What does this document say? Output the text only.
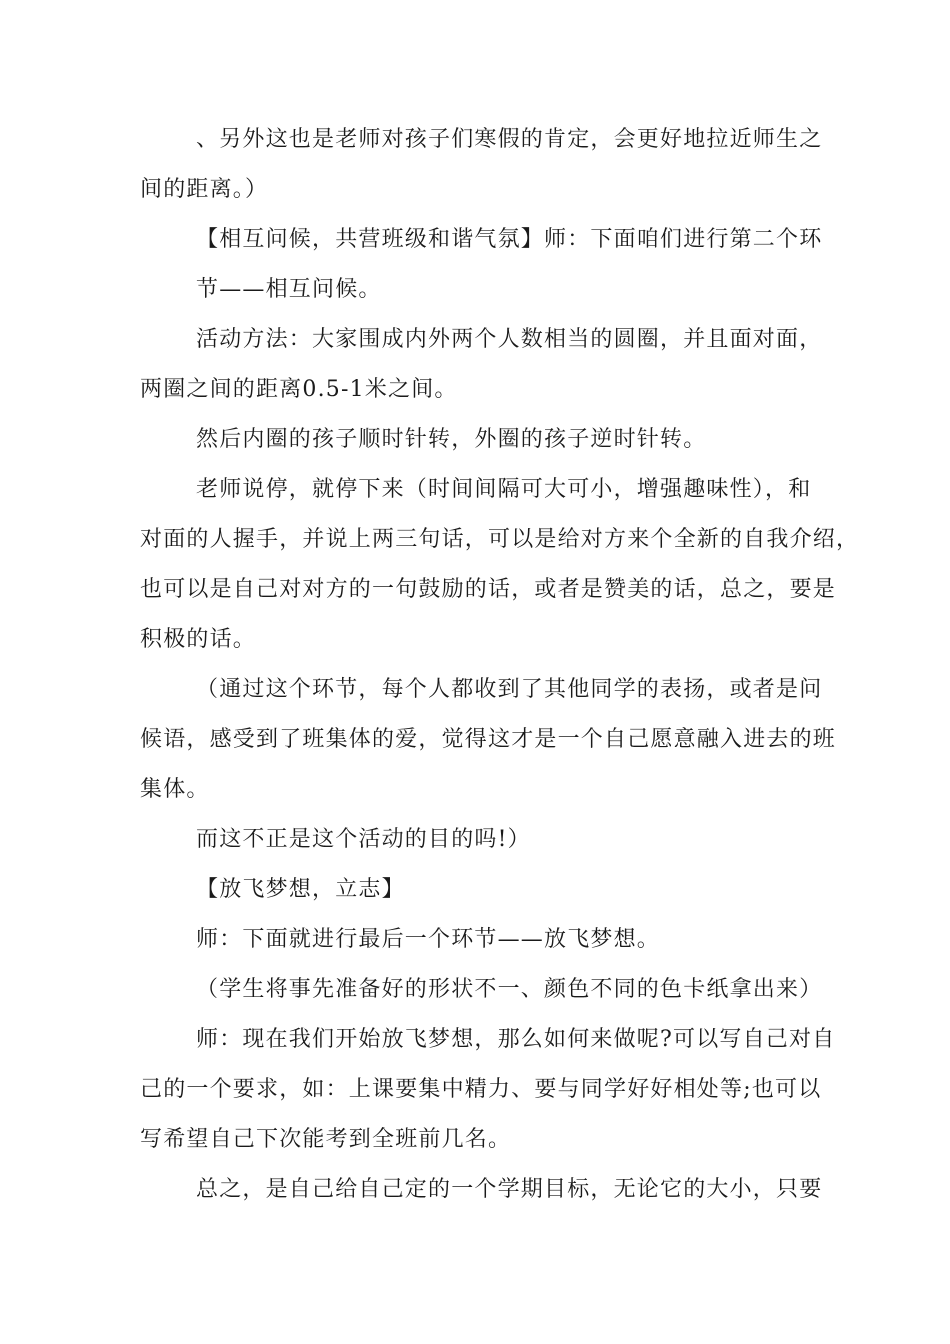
、另外这也是老师对孩子们寒假的肯定，会更好地拉近师生之
间的距离。）
【相互问候，共营班级和谐气氛】师：下面咱们进行第二个环
节——相互问候。
活动方法：大家围成内外两个人数相当的圆圈，并且面对面，
两圈之间的距离0.5-1米之间。
然后内圈的孩子顺时针转，外圈的孩子逆时针转。
老师说停，就停下来（时间间隔可大可小，增强趣味性），和
对面的人握手，并说上两三句话，可以是给对方来个全新的自我介绍，
也可以是自己对对方的一句鼓励的话，或者是赞美的话，总之，要是
积极的话。
（通过这个环节，每个人都收到了其他同学的表扬，或者是问
候语，感受到了班集体的爱，觉得这才是一个自己愿意融入进去的班
集体。
而这不正是这个活动的目的吗!）
【放飞梦想，立志】
师：下面就进行最后一个环节——放飞梦想。
（学生将事先准备好的形状不一、颜色不同的色卡纸拿出来）
师：现在我们开始放飞梦想，那么如何来做呢?可以写自己对自
己的一个要求，如：上课要集中精力、要与同学好好相处等;也可以
写希望自己下次能考到全班前几名。
总之，是自己给自己定的一个学期目标，无论它的大小，只要
